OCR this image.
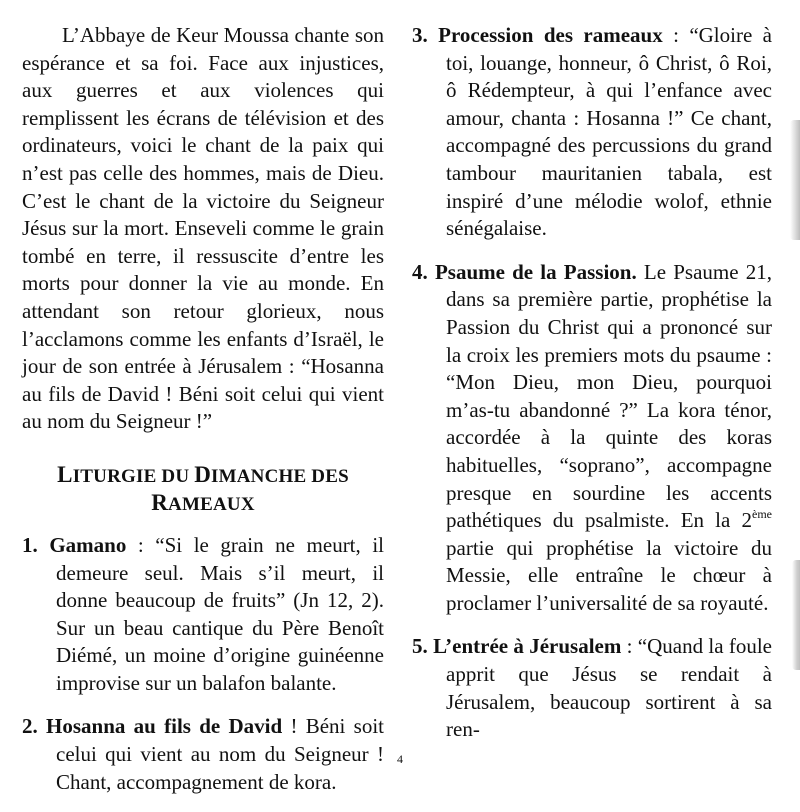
L’Abbaye de Keur Moussa chante son espérance et sa foi. Face aux injustices, aux guerres et aux violences qui remplissent les écrans de télévision et des ordinateurs, voici le chant de la paix qui n’est pas celle des hommes, mais de Dieu. C’est le chant de la victoire du Seigneur Jésus sur la mort. Enseveli comme le grain tombé en terre, il ressuscite d’entre les morts pour donner la vie au monde. En attendant son retour glorieux, nous l’acclamons comme les enfants d’Israël, le jour de son entrée à Jérusalem : “Hosanna au fils de David ! Béni soit celui qui vient au nom du Seigneur !”

LITURGIE DU DIMANCHE DES RAMEAUX

1. Gamano : “Si le grain ne meurt, il demeure seul. Mais s’il meurt, il donne beaucoup de fruits” (Jn 12, 2). Sur un beau cantique du Père Benoît Diémé, un moine d’origine guinéenne improvise sur un balafon balante.

2. Hosanna au fils de David ! Béni soit celui qui vient au nom du Seigneur ! Chant, accompagnement de kora.

3. Procession des rameaux : “Gloire à toi, louange, honneur, ô Christ, ô Roi, ô Rédempteur, à qui l’enfance avec amour, chanta : Hosanna !” Ce chant, accompagné des percussions du grand tambour mauritanien tabala, est inspiré d’une mélodie wolof, ethnie sénégalaise.

4. Psaume de la Passion. Le Psaume 21, dans sa première partie, prophétise la Passion du Christ qui a prononcé sur la croix les premiers mots du psaume : “Mon Dieu, mon Dieu, pourquoi m’as-tu abandonné ?” La kora ténor, accordée à la quinte des koras habituelles, “soprano”, accompagne presque en sourdine les accents pathétiques du psalmiste. En la 2ème partie qui prophétise la victoire du Messie, elle entraîne le chœur à proclamer l’universalité de sa royauté.

5. L’entrée à Jérusalem : “Quand la foule apprit que Jésus se rendait à Jérusalem, beaucoup sortirent à sa ren-

4
